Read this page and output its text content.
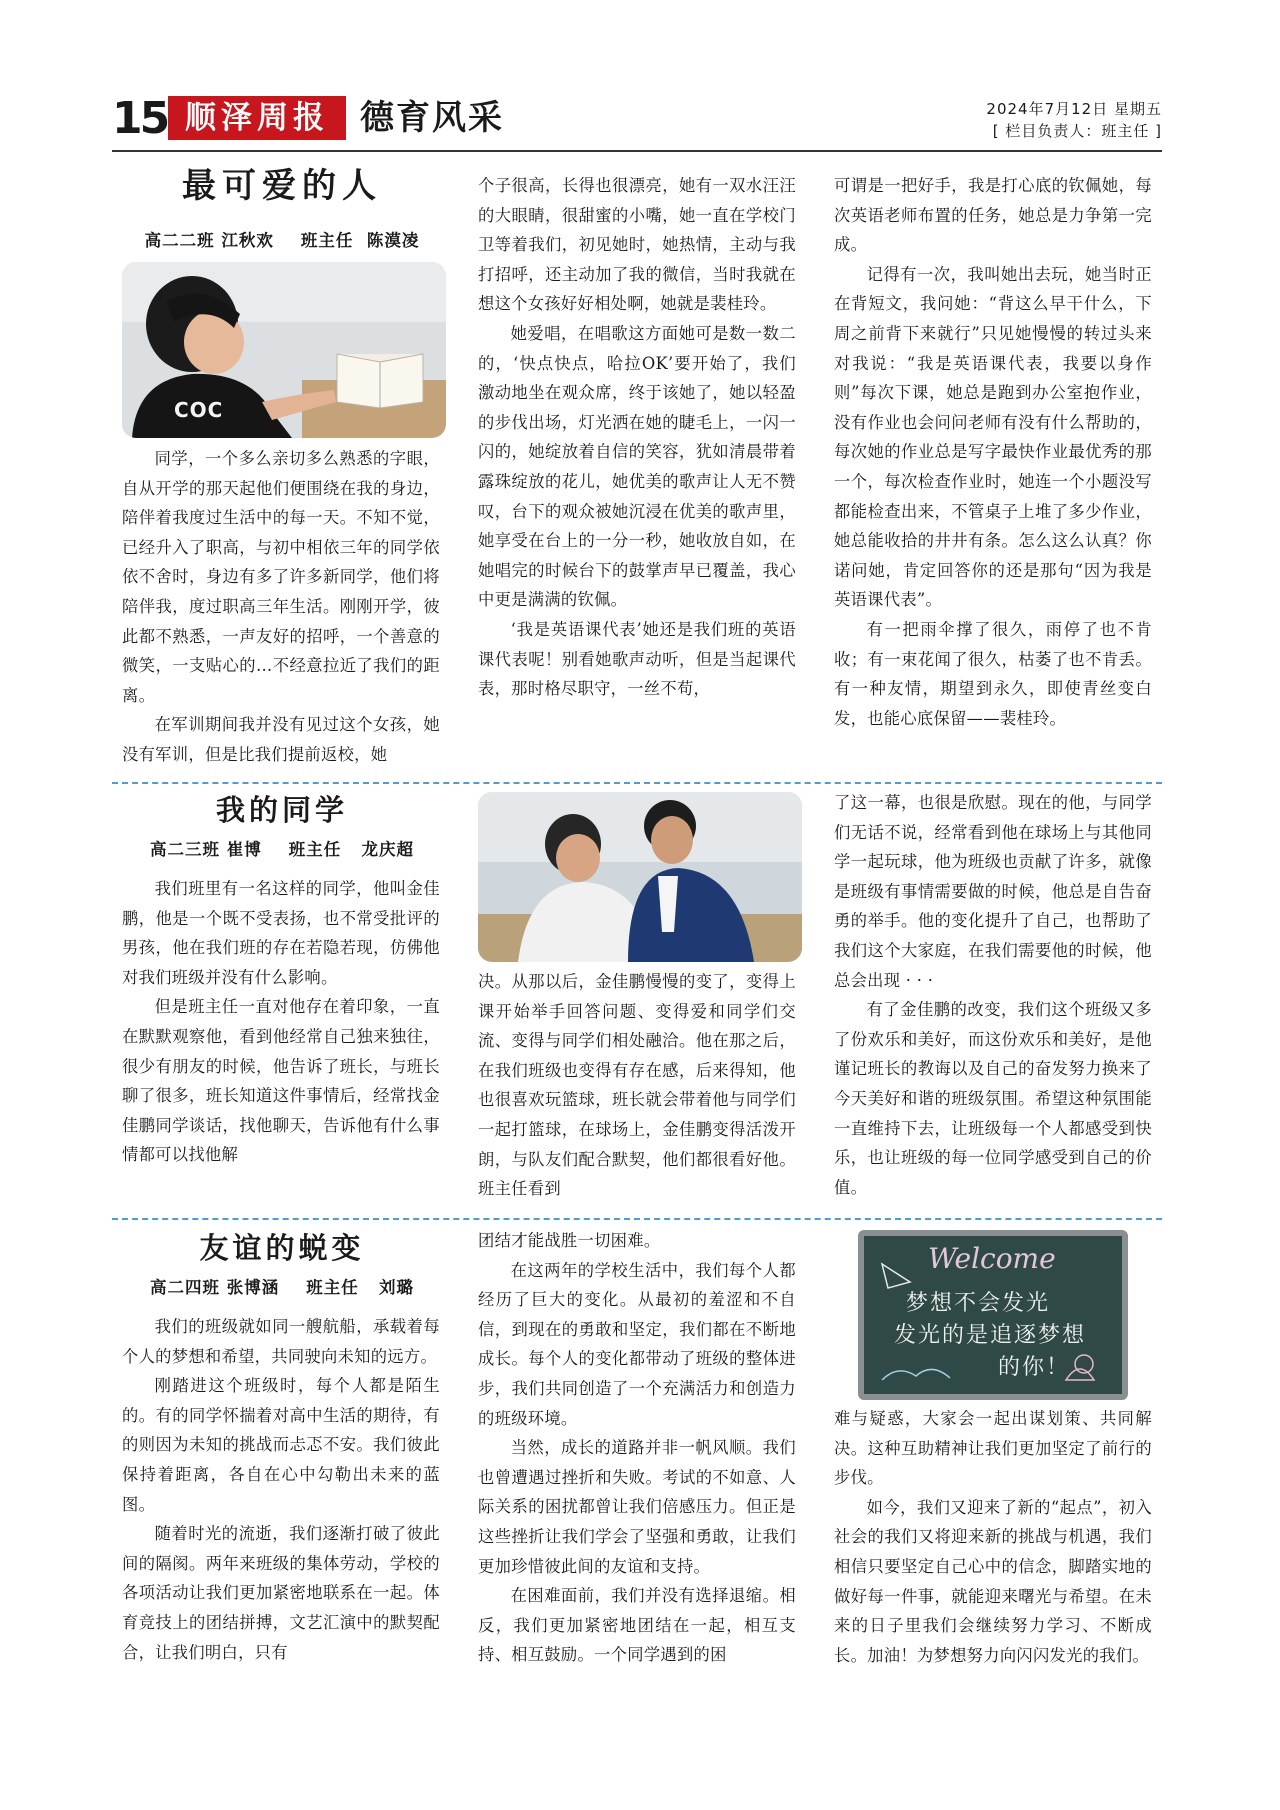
15 顺泽周报 德育风采	2024年7月12日 星期五
[ 栏目负责人：班主任 ]
最可爱的人
高二二班 江秋欢    班主任  陈漠凌
COC

同学，一个多么亲切多么熟悉的字眼，自从开学的那天起他们便围绕在我的身边，陪伴着我度过生活中的每一天。不知不觉，已经升入了职高，与初中相依三年的同学依依不舍时，身边有多了许多新同学，他们将陪伴我，度过职高三年生活。刚刚开学，彼此都不熟悉，一声友好的招呼，一个善意的微笑，一支贴心的…不经意拉近了我们的距离。

在军训期间我并没有见过这个女孩，她没有军训，但是比我们提前返校，她

个子很高，长得也很漂亮，她有一双水汪汪的大眼睛，很甜蜜的小嘴，她一直在学校门卫等着我们，初见她时，她热情，主动与我打招呼，还主动加了我的微信，当时我就在想这个女孩好好相处啊，她就是裴桂玲。

她爱唱，在唱歌这方面她可是数一数二的，‘快点快点，哈拉OK’要开始了，我们激动地坐在观众席，终于该她了，她以轻盈的步伐出场，灯光洒在她的睫毛上，一闪一闪的，她绽放着自信的笑容，犹如清晨带着露珠绽放的花儿，她优美的歌声让人无不赞叹，台下的观众被她沉浸在优美的歌声里，她享受在台上的一分一秒，她收放自如，在她唱完的时候台下的鼓掌声早已覆盖，我心中更是满满的钦佩。

‘我是英语课代表’她还是我们班的英语课代表呢！别看她歌声动听，但是当起课代表，那时格尽职守，一丝不苟，

可谓是一把好手，我是打心底的钦佩她，每次英语老师布置的任务，她总是力争第一完成。

记得有一次，我叫她出去玩，她当时正在背短文，我问她：“背这么早干什么，下周之前背下来就行”只见她慢慢的转过头来对我说：“我是英语课代表，我要以身作则”每次下课，她总是跑到办公室抱作业，没有作业也会问问老师有没有什么帮助的，每次她的作业总是写字最快作业最优秀的那一个，每次检查作业时，她连一个小题没写都能检查出来，不管桌子上堆了多少作业，她总能收拾的井井有条。怎么这么认真？你诺问她，肯定回答你的还是那句“因为我是英语课代表”。

有一把雨伞撑了很久，雨停了也不肯收；有一束花闻了很久，枯萎了也不肯丢。有一种友情，期望到永久，即使青丝变白发，也能心底保留——裴桂玲。

我的同学
高二三班 崔博    班主任   龙庆超

我们班里有一名这样的同学，他叫金佳鹏，他是一个既不受表扬，也不常受批评的男孩，他在我们班的存在若隐若现，仿佛他对我们班级并没有什么影响。

但是班主任一直对他存在着印象，一直在默默观察他，看到他经常自己独来独往，很少有朋友的时候，他告诉了班长，与班长聊了很多，班长知道这件事情后，经常找金佳鹏同学谈话，找他聊天，告诉他有什么事情都可以找他解

决。从那以后，金佳鹏慢慢的变了，变得上课开始举手回答问题、变得爱和同学们交流、变得与同学们相处融洽。他在那之后，在我们班级也变得有存在感，后来得知，他也很喜欢玩篮球，班长就会带着他与同学们一起打篮球，在球场上，金佳鹏变得活泼开朗，与队友们配合默契，他们都很看好他。班主任看到

了这一幕，也很是欣慰。现在的他，与同学们无话不说，经常看到他在球场上与其他同学一起玩球，他为班级也贡献了许多，就像是班级有事情需要做的时候，他总是自告奋勇的举手。他的变化提升了自己，也帮助了我们这个大家庭，在我们需要他的时候，他总会出现 · · ·

有了金佳鹏的改变，我们这个班级又多了份欢乐和美好，而这份欢乐和美好，是他谨记班长的教诲以及自己的奋发努力换来了今天美好和谐的班级氛围。希望这种氛围能一直维持下去，让班级每一个人都感受到快乐，也让班级的每一位同学感受到自己的价值。

友谊的蜕变
高二四班 张博涵    班主任   刘璐

我们的班级就如同一艘航船，承载着每个人的梦想和希望，共同驶向未知的远方。

刚踏进这个班级时，每个人都是陌生的。有的同学怀揣着对高中生活的期待，有的则因为未知的挑战而忐忑不安。我们彼此保持着距离，各自在心中勾勒出未来的蓝图。

随着时光的流逝，我们逐渐打破了彼此间的隔阂。两年来班级的集体劳动，学校的各项活动让我们更加紧密地联系在一起。体育竞技上的团结拼搏，文艺汇演中的默契配合，让我们明白，只有

团结才能战胜一切困难。

在这两年的学校生活中，我们每个人都经历了巨大的变化。从最初的羞涩和不自信，到现在的勇敢和坚定，我们都在不断地成长。每个人的变化都带动了班级的整体进步，我们共同创造了一个充满活力和创造力的班级环境。

当然，成长的道路并非一帆风顺。我们也曾遭遇过挫折和失败。考试的不如意、人际关系的困扰都曾让我们倍感压力。但正是这些挫折让我们学会了坚强和勇敢，让我们更加珍惜彼此间的友谊和支持。

在困难面前，我们并没有选择退缩。相反，我们更加紧密地团结在一起，相互支持、相互鼓励。一个同学遇到的困

Welcome
梦想不会发光
发光的是追逐梦想
的你！

难与疑惑，大家会一起出谋划策、共同解决。这种互助精神让我们更加坚定了前行的步伐。

如今，我们又迎来了新的“起点”，初入社会的我们又将迎来新的挑战与机遇，我们相信只要坚定自己心中的信念，脚踏实地的做好每一件事，就能迎来曙光与希望。在未来的日子里我们会继续努力学习、不断成长。加油！为梦想努力向闪闪发光的我们。
